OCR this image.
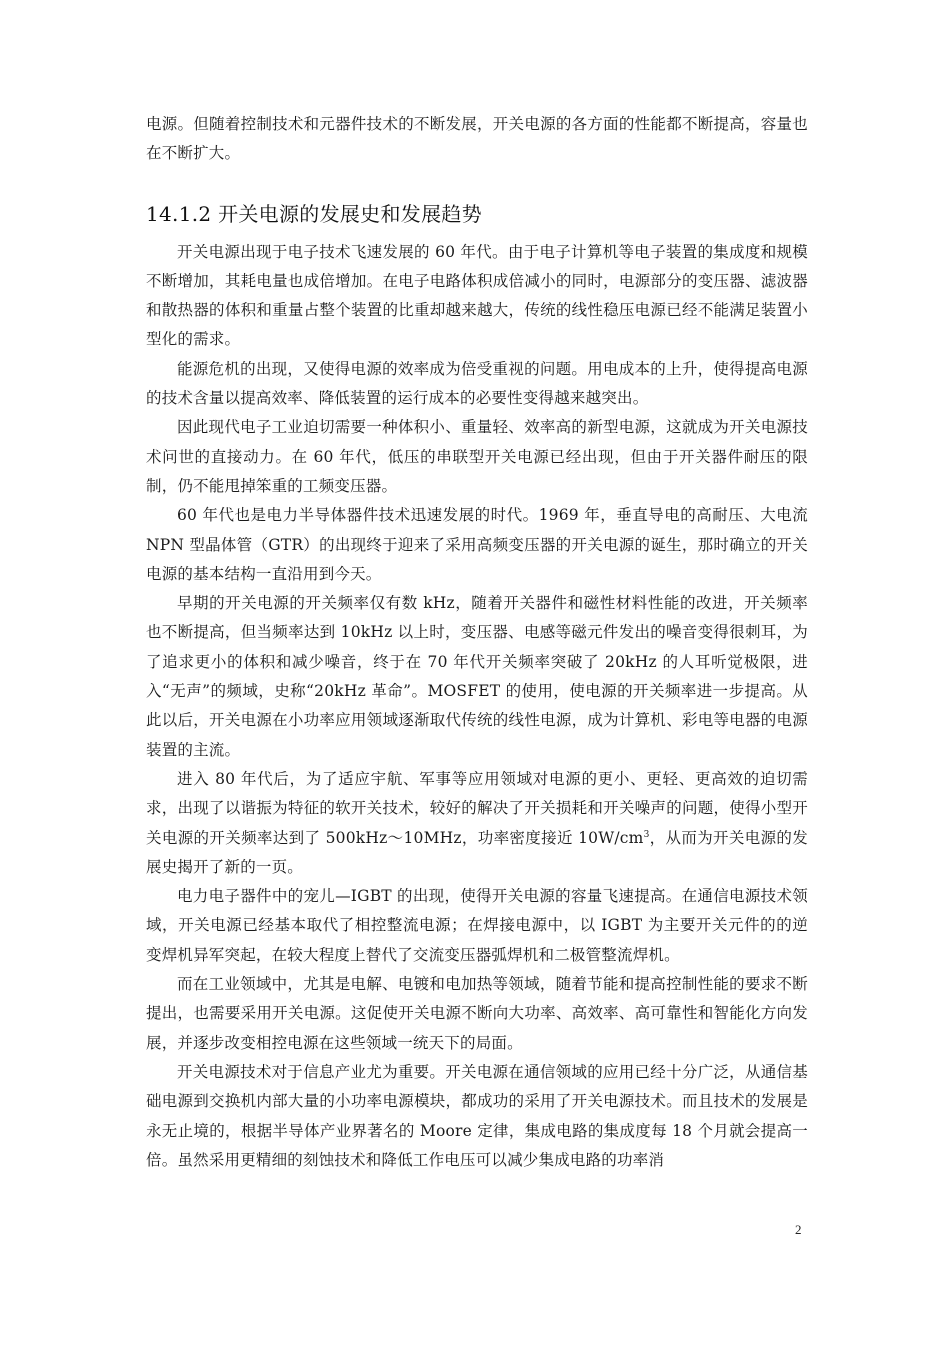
电源。但随着控制技术和元器件技术的不断发展，开关电源的各方面的性能都不断提高，容量也在不断扩大。

14.1.2 开关电源的发展史和发展趋势

开关电源出现于电子技术飞速发展的 60 年代。由于电子计算机等电子装置的集成度和规模不断增加，其耗电量也成倍增加。在电子电路体积成倍减小的同时，电源部分的变压器、滤波器和散热器的体积和重量占整个装置的比重却越来越大，传统的线性稳压电源已经不能满足装置小型化的需求。

能源危机的出现，又使得电源的效率成为倍受重视的问题。用电成本的上升，使得提高电源的技术含量以提高效率、降低装置的运行成本的必要性变得越来越突出。

因此现代电子工业迫切需要一种体积小、重量轻、效率高的新型电源，这就成为开关电源技术问世的直接动力。在 60 年代，低压的串联型开关电源已经出现，但由于开关器件耐压的限制，仍不能甩掉笨重的工频变压器。

60 年代也是电力半导体器件技术迅速发展的时代。1969 年，垂直导电的高耐压、大电流 NPN 型晶体管（GTR）的出现终于迎来了采用高频变压器的开关电源的诞生，那时确立的开关电源的基本结构一直沿用到今天。

早期的开关电源的开关频率仅有数 kHz，随着开关器件和磁性材料性能的改进，开关频率也不断提高，但当频率达到 10kHz 以上时，变压器、电感等磁元件发出的噪音变得很刺耳，为了追求更小的体积和减少噪音，终于在 70 年代开关频率突破了 20kHz 的人耳听觉极限，进入“无声”的频域，史称“20kHz 革命”。MOSFET 的使用，使电源的开关频率进一步提高。从此以后，开关电源在小功率应用领域逐渐取代传统的线性电源，成为计算机、彩电等电器的电源装置的主流。

进入 80 年代后，为了适应宇航、军事等应用领域对电源的更小、更轻、更高效的迫切需求，出现了以谐振为特征的软开关技术，较好的解决了开关损耗和开关噪声的问题，使得小型开关电源的开关频率达到了 500kHz～10MHz，功率密度接近 $10W/cm^3$，从而为开关电源的发展史揭开了新的一页。

电力电子器件中的宠儿—IGBT 的出现，使得开关电源的容量飞速提高。在通信电源技术领域，开关电源已经基本取代了相控整流电源；在焊接电源中，以 IGBT 为主要开关元件的的逆变焊机异军突起，在较大程度上替代了交流变压器弧焊机和二极管整流焊机。

而在工业领域中，尤其是电解、电镀和电加热等领域，随着节能和提高控制性能的要求不断提出，也需要采用开关电源。这促使开关电源不断向大功率、高效率、高可靠性和智能化方向发展，并逐步改变相控电源在这些领域一统天下的局面。

开关电源技术对于信息产业尤为重要。开关电源在通信领域的应用已经十分广泛，从通信基础电源到交换机内部大量的小功率电源模块，都成功的采用了开关电源技术。而且技术的发展是永无止境的，根据半导体产业界著名的 Moore 定律，集成电路的集成度每 18 个月就会提高一倍。虽然采用更精细的刻蚀技术和降低工作电压可以减少集成电路的功率消

2
